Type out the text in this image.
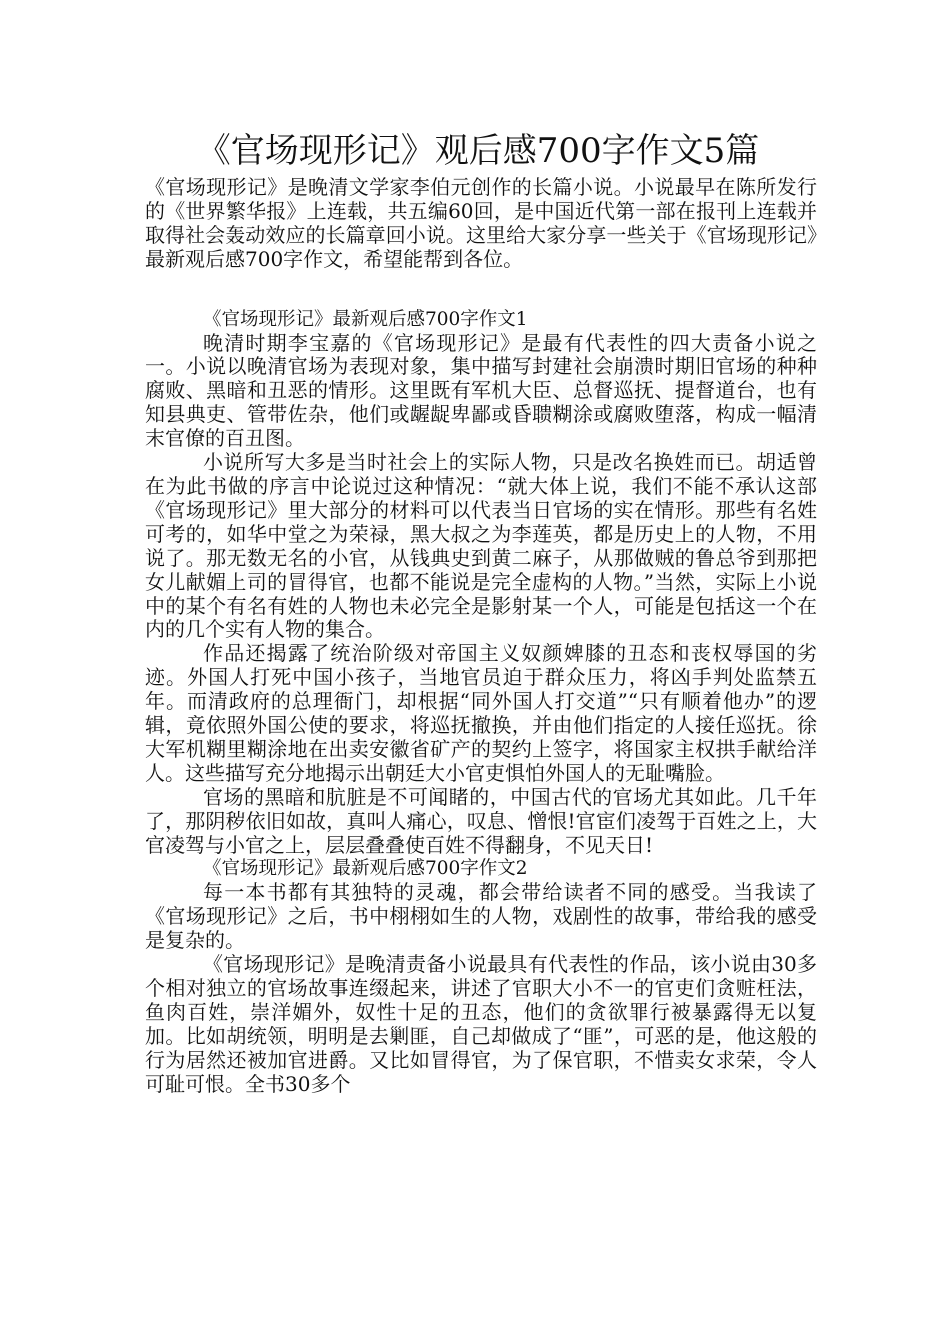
《官场现形记》观后感700字作文5篇

《官场现形记》是晚清文学家李伯元创作的长篇小说。小说最早在陈所发行的《世界繁华报》上连载，共五编60回，是中国近代第一部在报刊上连载并取得社会轰动效应的长篇章回小说。这里给大家分享一些关于《官场现形记》最新观后感700字作文，希望能帮到各位。

《官场现形记》最新观后感700字作文1

晚清时期李宝嘉的《官场现形记》是最有代表性的四大责备小说之一。小说以晚清官场为表现对象，集中描写封建社会崩溃时期旧官场的种种腐败、黑暗和丑恶的情形。这里既有军机大臣、总督巡抚、提督道台，也有知县典吏、管带佐杂，他们或龌龊卑鄙或昏聩糊涂或腐败堕落，构成一幅清末官僚的百丑图。

小说所写大多是当时社会上的实际人物，只是改名换姓而已。胡适曾在为此书做的序言中论说过这种情况：“就大体上说，我们不能不承认这部《官场现形记》里大部分的材料可以代表当日官场的实在情形。那些有名姓可考的，如华中堂之为荣禄，黑大叔之为李莲英，都是历史上的人物，不用说了。那无数无名的小官，从钱典史到黄二麻子，从那做贼的鲁总爷到那把女儿献媚上司的冒得官，也都不能说是完全虚构的人物。”当然，实际上小说中的某个有名有姓的人物也未必完全是影射某一个人，可能是包括这一个在内的几个实有人物的集合。

作品还揭露了统治阶级对帝国主义奴颜婢膝的丑态和丧权辱国的劣迹。外国人打死中国小孩子，当地官员迫于群众压力，将凶手判处监禁五年。而清政府的总理衙门，却根据“同外国人打交道”“只有顺着他办”的逻辑，竟依照外国公使的要求，将巡抚撤换，并由他们指定的人接任巡抚。徐大军机糊里糊涂地在出卖安徽省矿产的契约上签字，将国家主权拱手献给洋人。这些描写充分地揭示出朝廷大小官吏惧怕外国人的无耻嘴脸。

官场的黑暗和肮脏是不可闻睹的，中国古代的官场尤其如此。几千年了，那阴秽依旧如故，真叫人痛心，叹息、憎恨!官宦们凌驾于百姓之上，大官凌驾与小官之上，层层叠叠使百姓不得翻身，不见天日!

《官场现形记》最新观后感700字作文2

每一本书都有其独特的灵魂，都会带给读者不同的感受。当我读了《官场现形记》之后，书中栩栩如生的人物，戏剧性的故事，带给我的感受是复杂的。

《官场现形记》是晚清责备小说最具有代表性的作品，该小说由30多个相对独立的官场故事连缀起来，讲述了官职大小不一的官吏们贪赃枉法，鱼肉百姓，崇洋媚外，奴性十足的丑态，他们的贪欲罪行被暴露得无以复加。比如胡统领，明明是去剿匪，自己却做成了“匪”，可恶的是，他这般的行为居然还被加官进爵。又比如冒得官，为了保官职，不惜卖女求荣，令人可耻可恨。全书30多个
